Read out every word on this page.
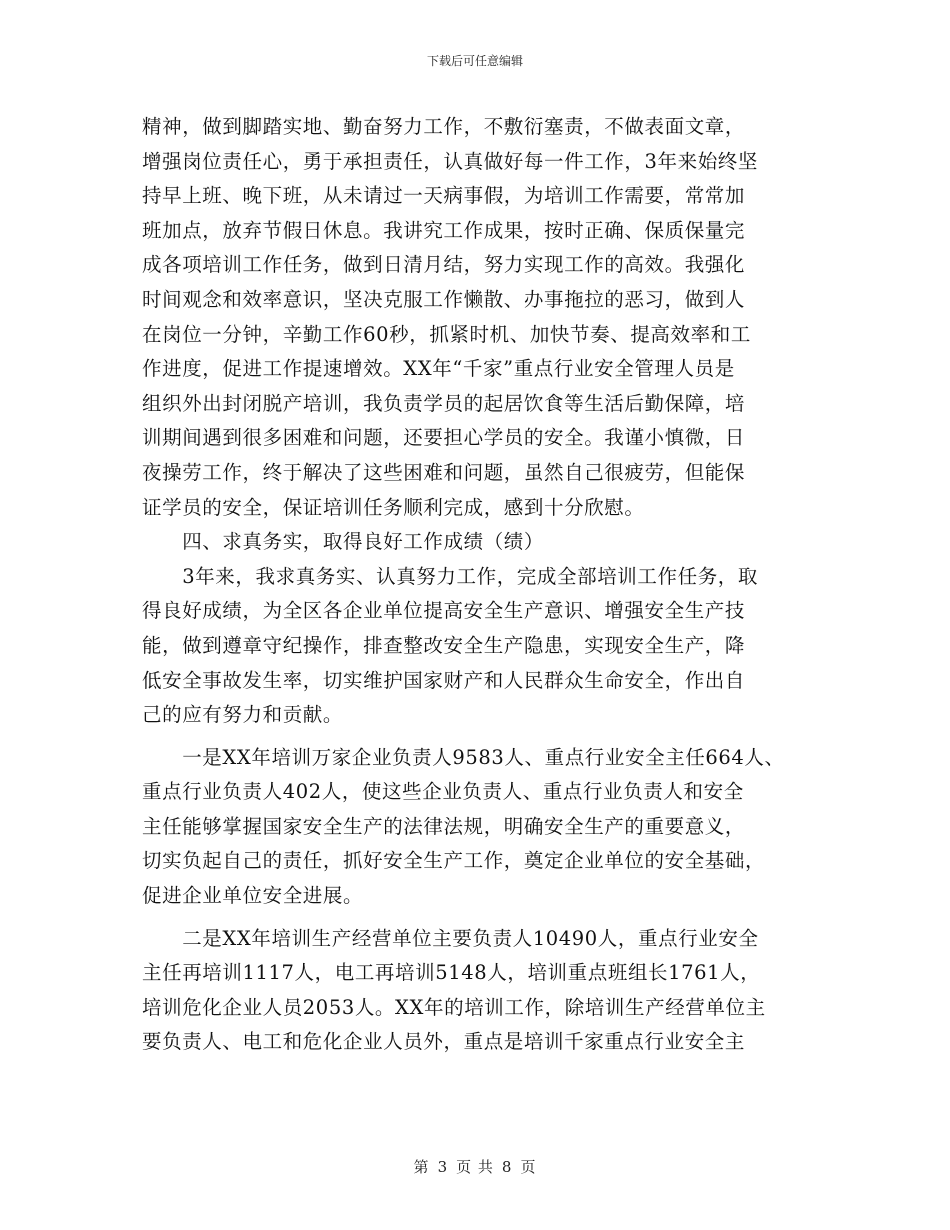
下载后可任意编辑
精神，做到脚踏实地、勤奋努力工作，不敷衍塞责，不做表面文章，
增强岗位责任心，勇于承担责任，认真做好每一件工作，3年来始终坚
持早上班、晚下班，从未请过一天病事假，为培训工作需要，常常加
班加点，放弃节假日休息。我讲究工作成果，按时正确、保质保量完
成各项培训工作任务，做到日清月结，努力实现工作的高效。我强化
时间观念和效率意识，坚决克服工作懒散、办事拖拉的恶习，做到人
在岗位一分钟，辛勤工作60秒，抓紧时机、加快节奏、提高效率和工
作进度，促进工作提速增效。XX年“千家”重点行业安全管理人员是
组织外出封闭脱产培训，我负责学员的起居饮食等生活后勤保障，培
训期间遇到很多困难和问题，还要担心学员的安全。我谨小慎微，日
夜操劳工作，终于解决了这些困难和问题，虽然自己很疲劳，但能保
证学员的安全，保证培训任务顺利完成，感到十分欣慰。
　　四、求真务实，取得良好工作成绩（绩）
　　3年来，我求真务实、认真努力工作，完成全部培训工作任务，取
得良好成绩，为全区各企业单位提高安全生产意识、增强安全生产技
能，做到遵章守纪操作，排查整改安全生产隐患，实现安全生产，降
低安全事故发生率，切实维护国家财产和人民群众生命安全，作出自
己的应有努力和贡献。
　　一是XX年培训万家企业负责人9583人、重点行业安全主任664人、
重点行业负责人402人，使这些企业负责人、重点行业负责人和安全
主任能够掌握国家安全生产的法律法规，明确安全生产的重要意义，
切实负起自己的责任，抓好安全生产工作，奠定企业单位的安全基础，
促进企业单位安全进展。
　　二是XX年培训生产经营单位主要负责人10490人，重点行业安全
主任再培训1117人，电工再培训5148人，培训重点班组长1761人，
培训危化企业人员2053人。XX年的培训工作，除培训生产经营单位主
要负责人、电工和危化企业人员外，重点是培训千家重点行业安全主
第 3 页 共 8 页
